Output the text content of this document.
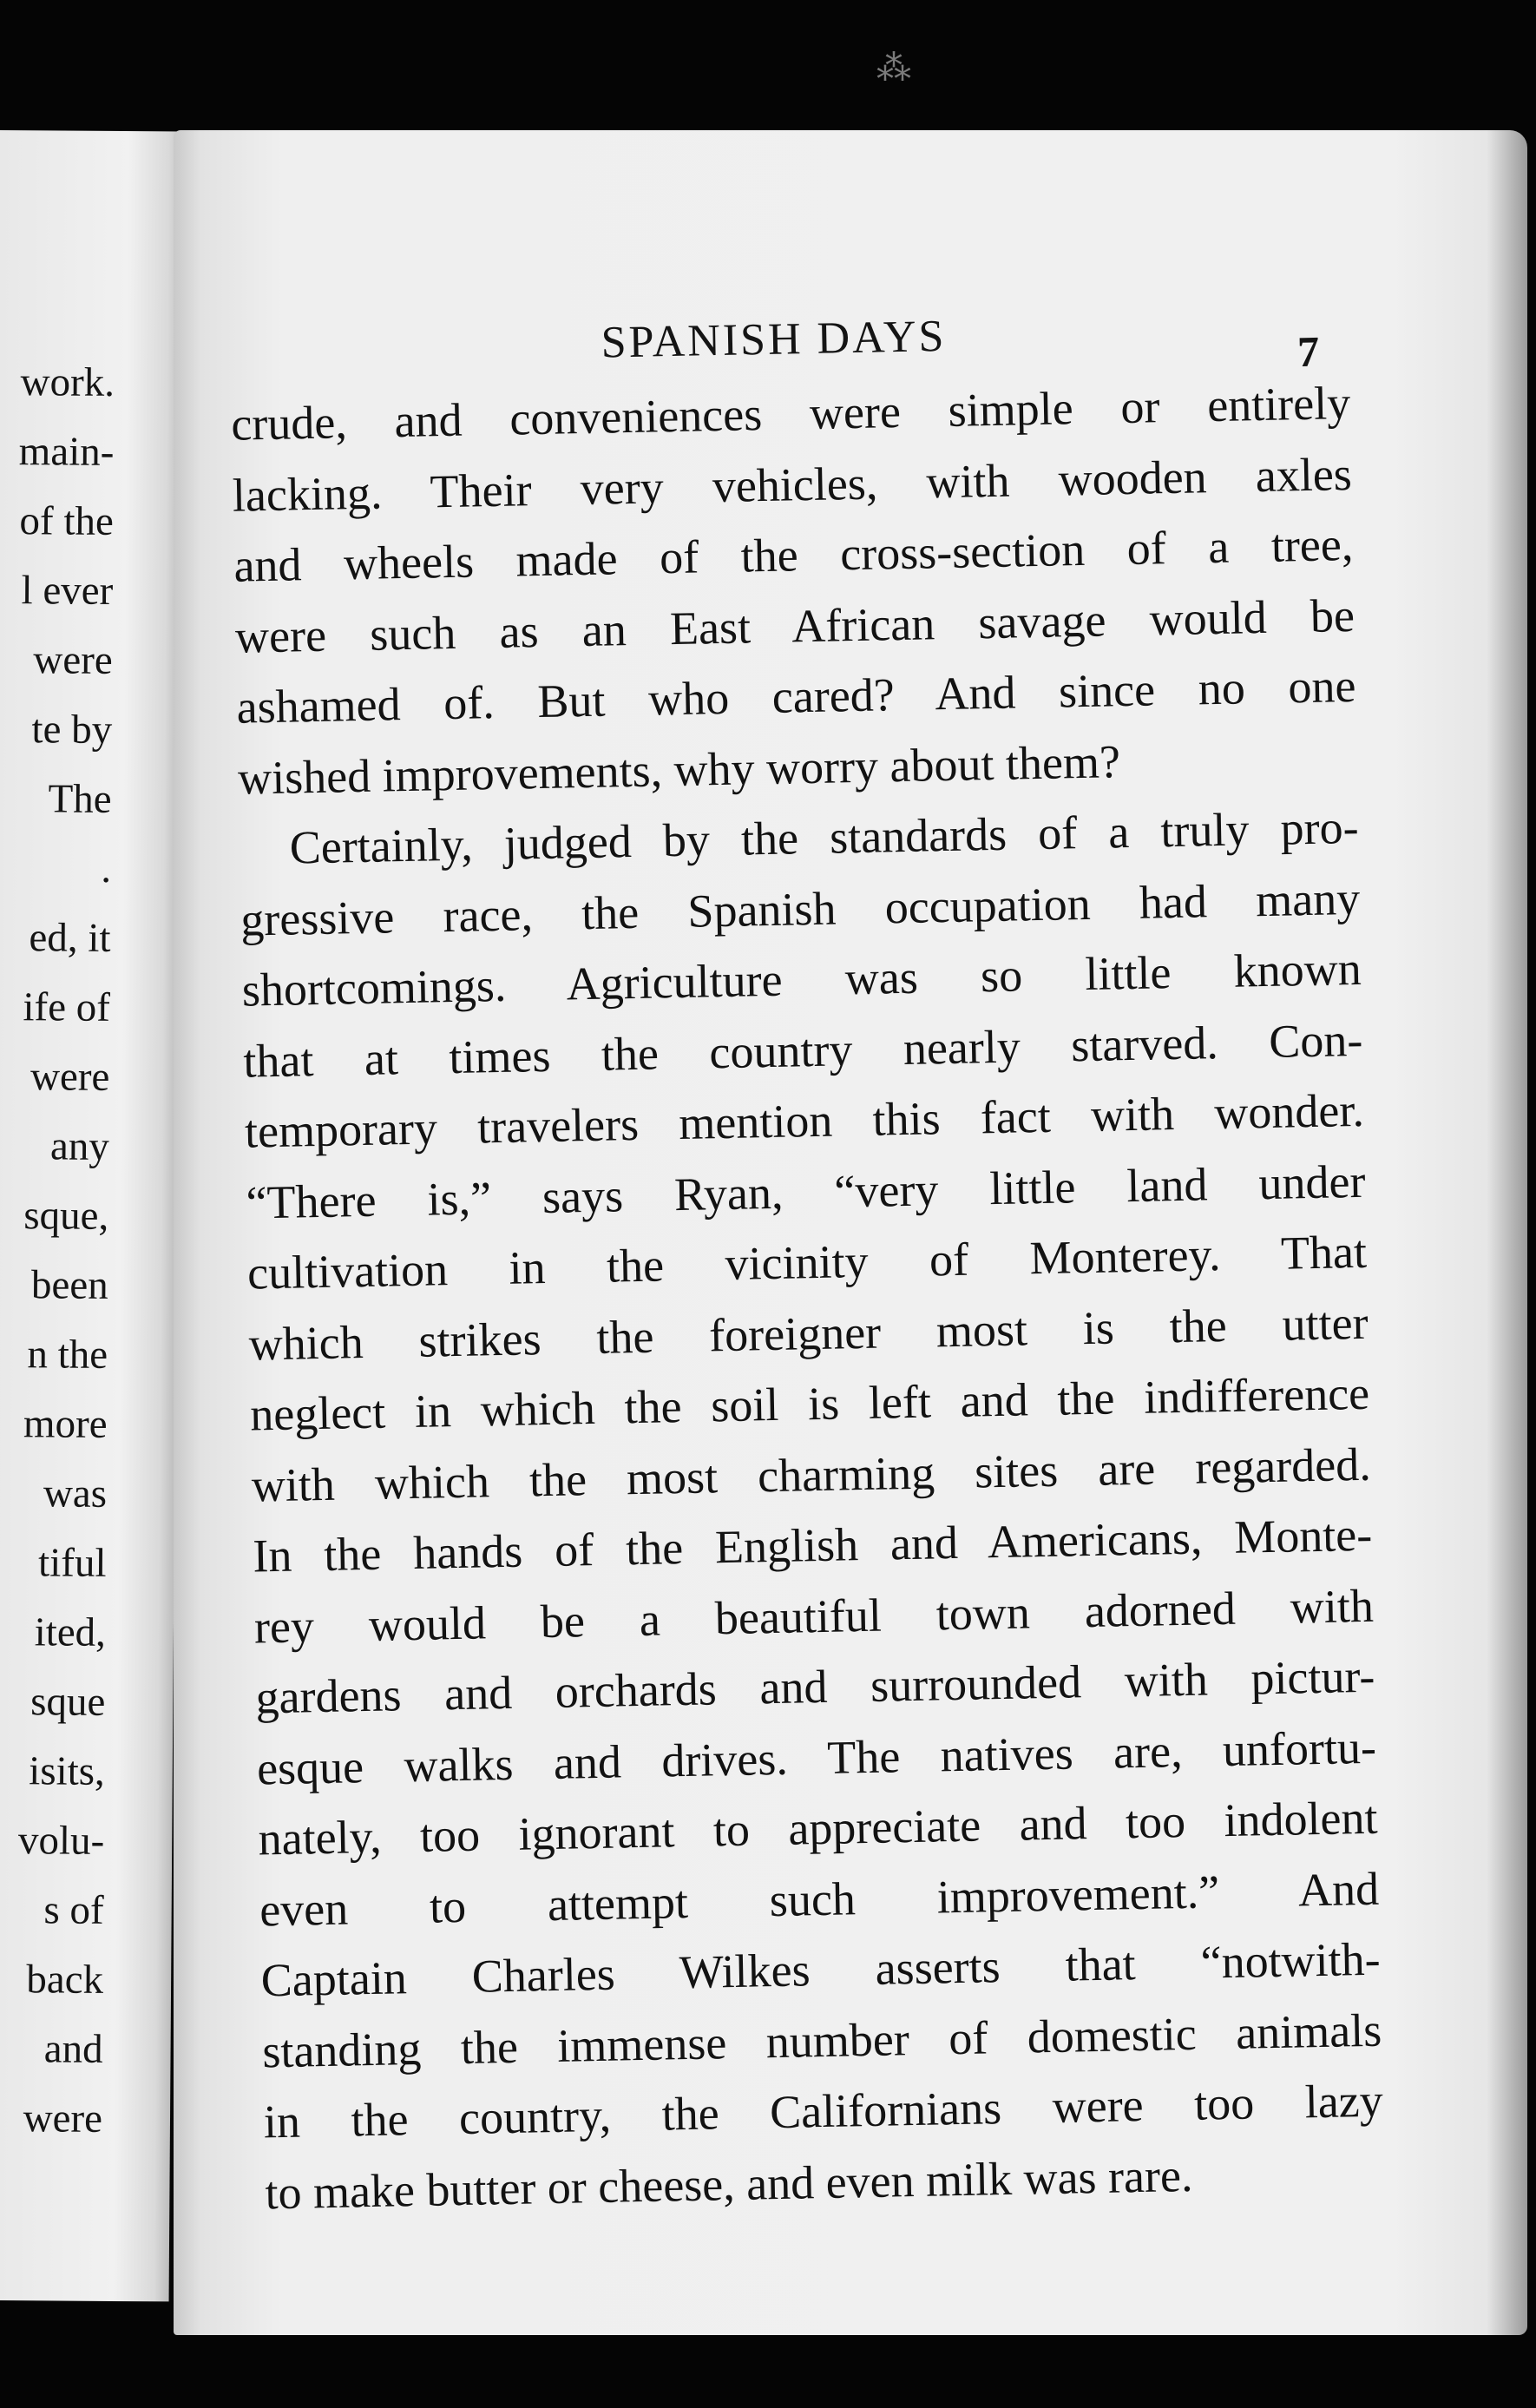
⁂
work.
main-
of the
l ever
were
te by
The
.
ed, it
ife of
were
any
sque,
been
n the
more
was
tiful
ited,
sque
isits,
volu-
s of
back
and
were
SPANISH DAYS	7

crude, and conveniences were simple or entirely
lacking. Their very vehicles, with wooden axles
and wheels made of the cross-section of a tree,
were such as an East African savage would be
ashamed of. But who cared? And since no one
wished improvements, why worry about them?

Certainly, judged by the standards of a truly pro-
gressive race, the Spanish occupation had many
shortcomings. Agriculture was so little known
that at times the country nearly starved. Con-
temporary travelers mention this fact with wonder.
“There is,” says Ryan, “very little land under
cultivation in the vicinity of Monterey. That
which strikes the foreigner most is the utter
neglect in which the soil is left and the indifference
with which the most charming sites are regarded.
In the hands of the English and Americans, Monte-
rey would be a beautiful town adorned with
gardens and orchards and surrounded with pictur-
esque walks and drives. The natives are, unfortu-
nately, too ignorant to appreciate and too indolent
even to attempt such improvement.” And
Captain Charles Wilkes asserts that “notwith-
standing the immense number of domestic animals
in the country, the Californians were too lazy
to make butter or cheese, and even milk was rare.
